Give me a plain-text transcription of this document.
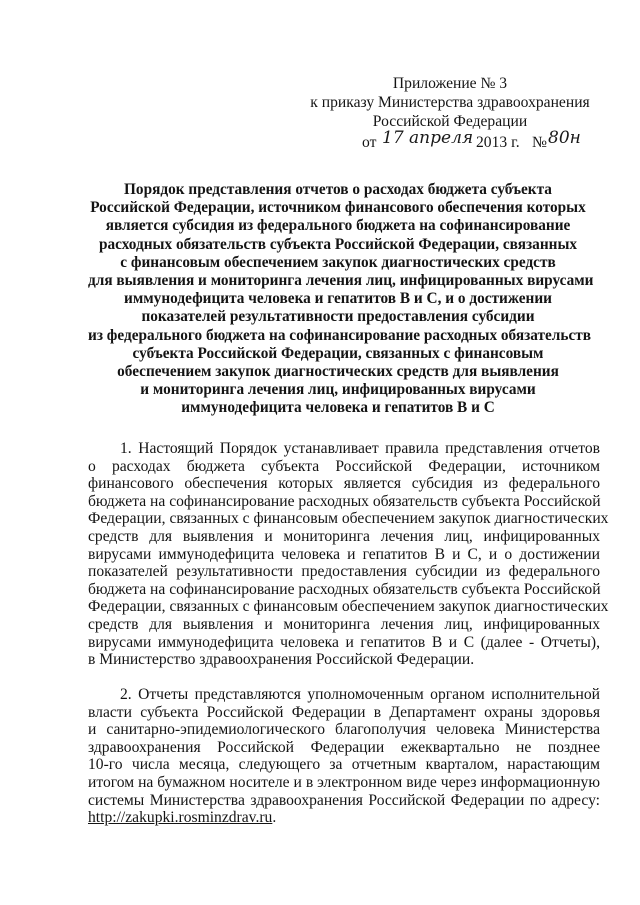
Приложение № 3
к приказу Министерства здравоохранения
Российской Федерации
от 17 апреля 2013 г. № 80н
Порядок представления отчетов о расходах бюджета субъекта
Российской Федерации, источником финансового обеспечения которых
является субсидия из федерального бюджета на софинансирование
расходных обязательств субъекта Российской Федерации, связанных
с финансовым обеспечением закупок диагностических средств
для выявления и мониторинга лечения лиц, инфицированных вирусами
иммунодефицита человека и гепатитов B и C, и о достижении
показателей результативности предоставления субсидии
из федерального бюджета на софинансирование расходных обязательств
субъекта Российской Федерации, связанных с финансовым
обеспечением закупок диагностических средств для выявления
и мониторинга лечения лиц, инфицированных вирусами
иммунодефицита человека и гепатитов B и C
1. Настоящий Порядок устанавливает правила представления отчетов
о расходах бюджета субъекта Российской Федерации, источником
финансового обеспечения которых является субсидия из федерального
бюджета на софинансирование расходных обязательств субъекта Российской
Федерации, связанных с финансовым обеспечением закупок диагностических
средств для выявления и мониторинга лечения лиц, инфицированных
вирусами иммунодефицита человека и гепатитов B и C, и о достижении
показателей результативности предоставления субсидии из федерального
бюджета на софинансирование расходных обязательств субъекта Российской
Федерации, связанных с финансовым обеспечением закупок диагностических
средств для выявления и мониторинга лечения лиц, инфицированных
вирусами иммунодефицита человека и гепатитов B и C (далее - Отчеты),
в Министерство здравоохранения Российской Федерации.
2. Отчеты представляются уполномоченным органом исполнительной
власти субъекта Российской Федерации в Департамент охраны здоровья
и санитарно-эпидемиологического благополучия человека Министерства
здравоохранения Российской Федерации ежеквартально не позднее
10-го числа месяца, следующего за отчетным кварталом, нарастающим
итогом на бумажном носителе и в электронном виде через информационную
системы Министерства здравоохранения Российской Федерации по адресу:
http://zakupki.rosminzdrav.ru.
